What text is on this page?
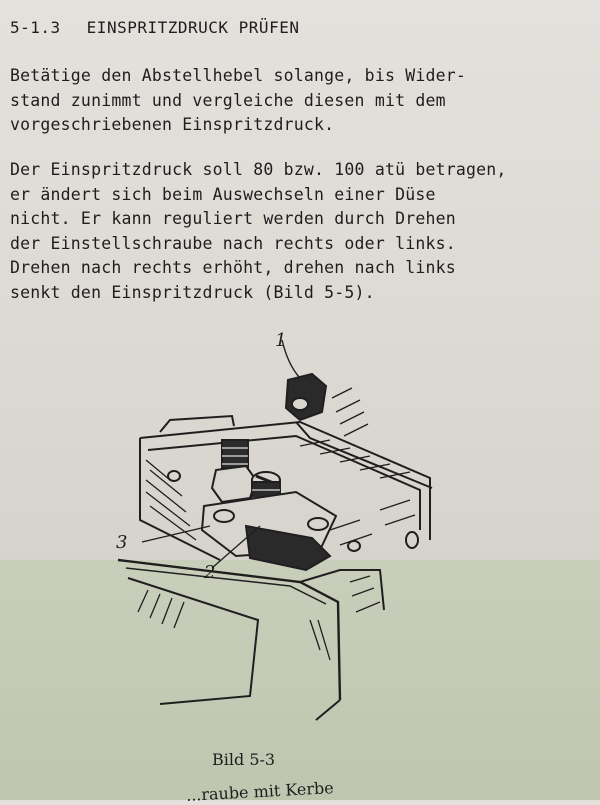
5-1.3 EINSPRITZDRUCK PRÜFEN
Betätige den Abstellhebel solange, bis Wider-
stand zunimmt und vergleiche diesen mit dem
vorgeschriebenen Einspritzdruck.
Der Einspritzdruck soll 80 bzw. 100 atü betragen,
er ändert sich beim Auswechseln einer Düse
nicht. Er kann reguliert werden durch Drehen
der Einstellschraube nach rechts oder links.
Drehen nach rechts erhöht, drehen nach links
senkt den Einspritzdruck (Bild 5-5).
1
2
3
Bild 5-3
...raube mit Kerbe
